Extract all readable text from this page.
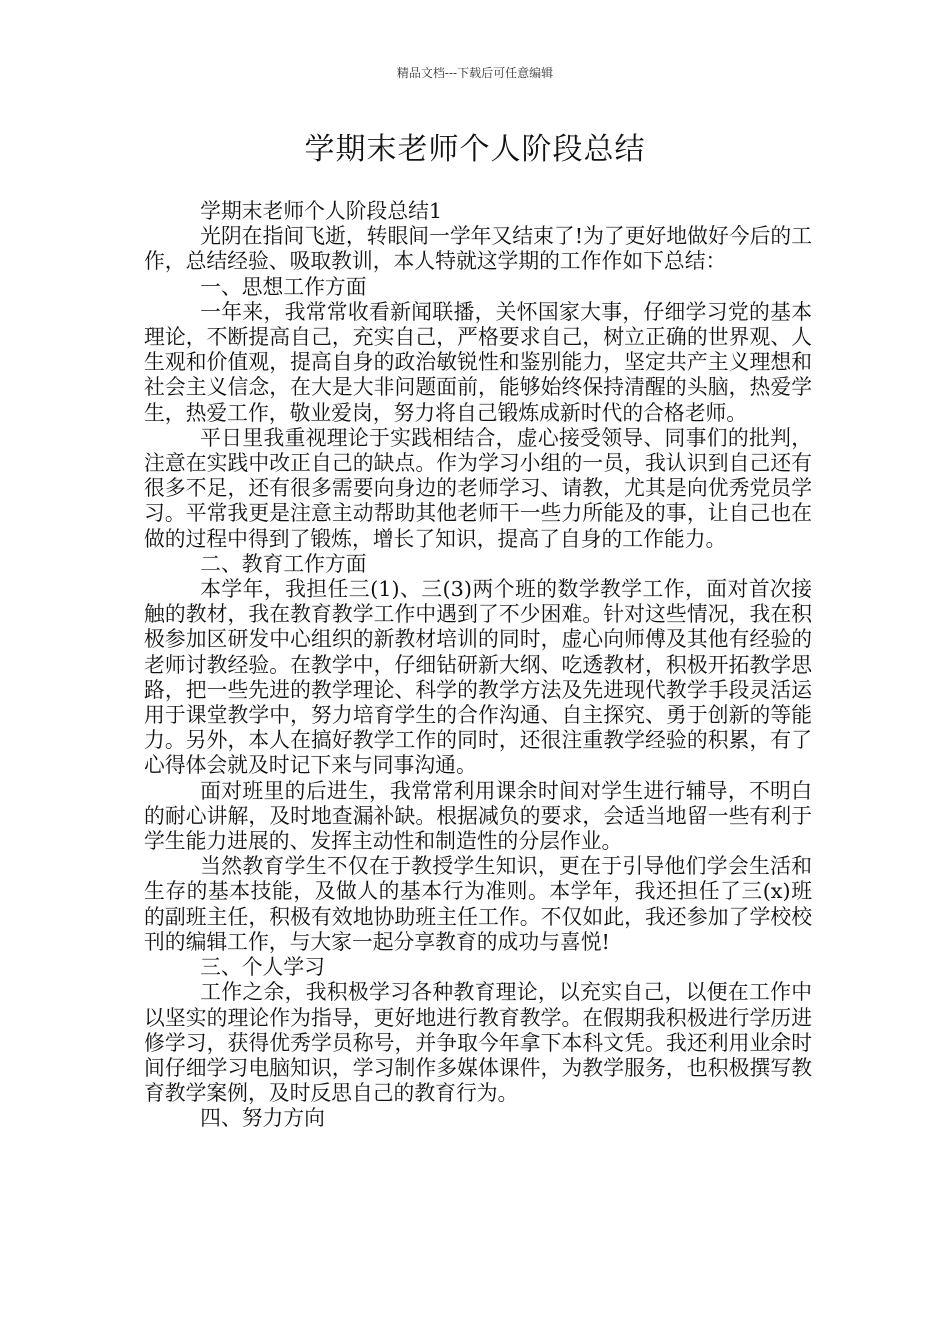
精品文档---下载后可任意编辑
学期末老师个人阶段总结

学期末老师个人阶段总结1

光阴在指间飞逝，转眼间一学年又结束了!为了更好地做好今后的工作，总结经验、吸取教训，本人特就这学期的工作作如下总结：

一、思想工作方面

一年来，我常常收看新闻联播，关怀国家大事，仔细学习党的基本理论，不断提高自己，充实自己，严格要求自己，树立正确的世界观、人生观和价值观，提高自身的政治敏锐性和鉴别能力，坚定共产主义理想和社会主义信念，在大是大非问题面前，能够始终保持清醒的头脑，热爱学生，热爱工作，敬业爱岗，努力将自己锻炼成新时代的合格老师。

平日里我重视理论于实践相结合，虚心接受领导、同事们的批判，注意在实践中改正自己的缺点。作为学习小组的一员，我认识到自己还有很多不足，还有很多需要向身边的老师学习、请教，尤其是向优秀党员学习。平常我更是注意主动帮助其他老师干一些力所能及的事，让自己也在做的过程中得到了锻炼，增长了知识，提高了自身的工作能力。

二、教育工作方面

本学年，我担任三(1)、三(3)两个班的数学教学工作，面对首次接触的教材，我在教育教学工作中遇到了不少困难。针对这些情况，我在积极参加区研发中心组织的新教材培训的同时，虚心向师傅及其他有经验的老师讨教经验。在教学中，仔细钻研新大纲、吃透教材，积极开拓教学思路，把一些先进的教学理论、科学的教学方法及先进现代教学手段灵活运用于课堂教学中，努力培育学生的合作沟通、自主探究、勇于创新的等能力。另外，本人在搞好教学工作的同时，还很注重教学经验的积累，有了心得体会就及时记下来与同事沟通。

面对班里的后进生，我常常利用课余时间对学生进行辅导，不明白的耐心讲解，及时地查漏补缺。根据减负的要求，会适当地留一些有利于学生能力进展的、发挥主动性和制造性的分层作业。

当然教育学生不仅在于教授学生知识，更在于引导他们学会生活和生存的基本技能，及做人的基本行为准则。本学年，我还担任了三(x)班的副班主任，积极有效地协助班主任工作。不仅如此，我还参加了学校校刊的编辑工作，与大家一起分享教育的成功与喜悦!

三、个人学习

工作之余，我积极学习各种教育理论，以充实自己，以便在工作中以坚实的理论作为指导，更好地进行教育教学。在假期我积极进行学历进修学习，获得优秀学员称号，并争取今年拿下本科文凭。我还利用业余时间仔细学习电脑知识，学习制作多媒体课件，为教学服务，也积极撰写教育教学案例，及时反思自己的教育行为。

四、努力方向
